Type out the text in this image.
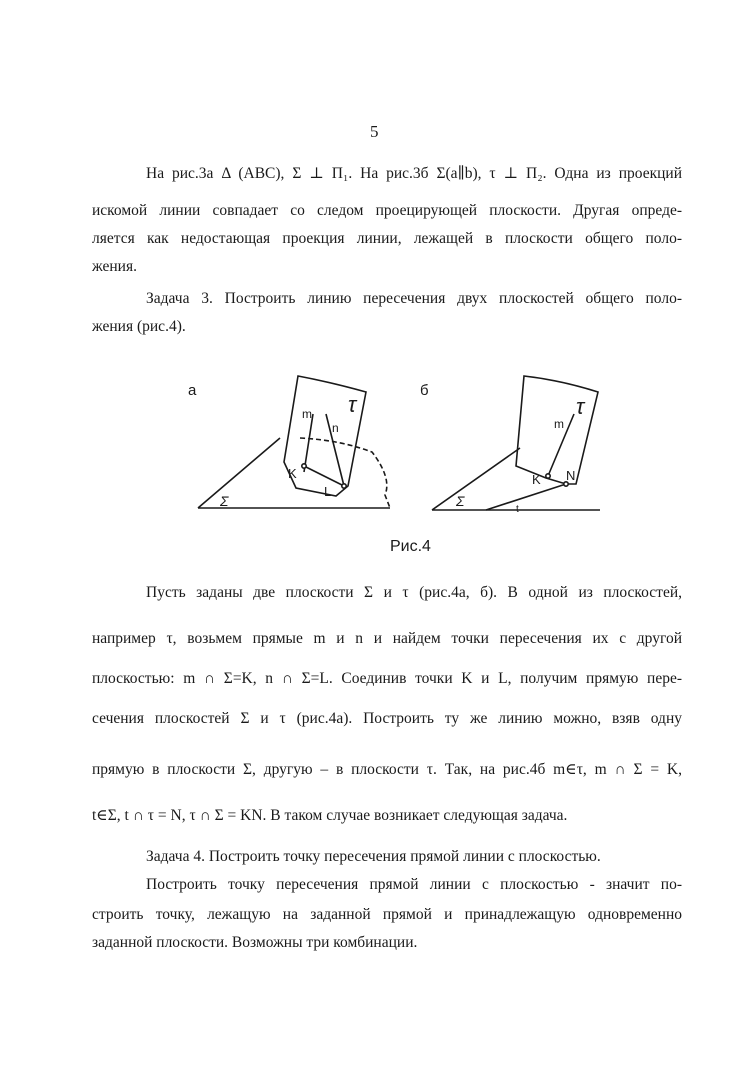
5
На рис.3а Δ (ABC), Σ ⊥ Π₁. На рис.3б Σ(a∥b), τ ⊥ Π₂. Одна из проекций
искомой линии совпадает со следом проецирующей плоскости. Другая опреде-
ляется как недостающая проекция линии, лежащей в плоскости общего поло-
жения.
Задача 3. Построить линию пересечения двух плоскостей общего поло-
жения (рис.4).
а	б
τ
m
n
K
L
Σ
τ
m
K N
Σ
t
Рис.4
Пусть заданы две плоскости Σ и τ (рис.4а, б). В одной из плоскостей,
например τ, возьмем прямые m и n и найдем точки пересечения их с другой
плоскостью: m ∩ Σ=K, n ∩ Σ=L. Соединив точки K и L, получим прямую пере-
сечения плоскостей Σ и τ (рис.4а). Построить ту же линию можно, взяв одну
прямую в плоскости Σ, другую – в плоскости τ. Так, на рис.4б m∈τ, m ∩ Σ = K,
t∈Σ, t ∩ τ = N, τ ∩ Σ = KN. В таком случае возникает следующая задача.
Задача 4. Построить точку пересечения прямой линии с плоскостью.
Построить точку пересечения прямой линии с плоскостью - значит по-
строить точку, лежащую на заданной прямой и принадлежащую одновременно
заданной плоскости. Возможны три комбинации.
